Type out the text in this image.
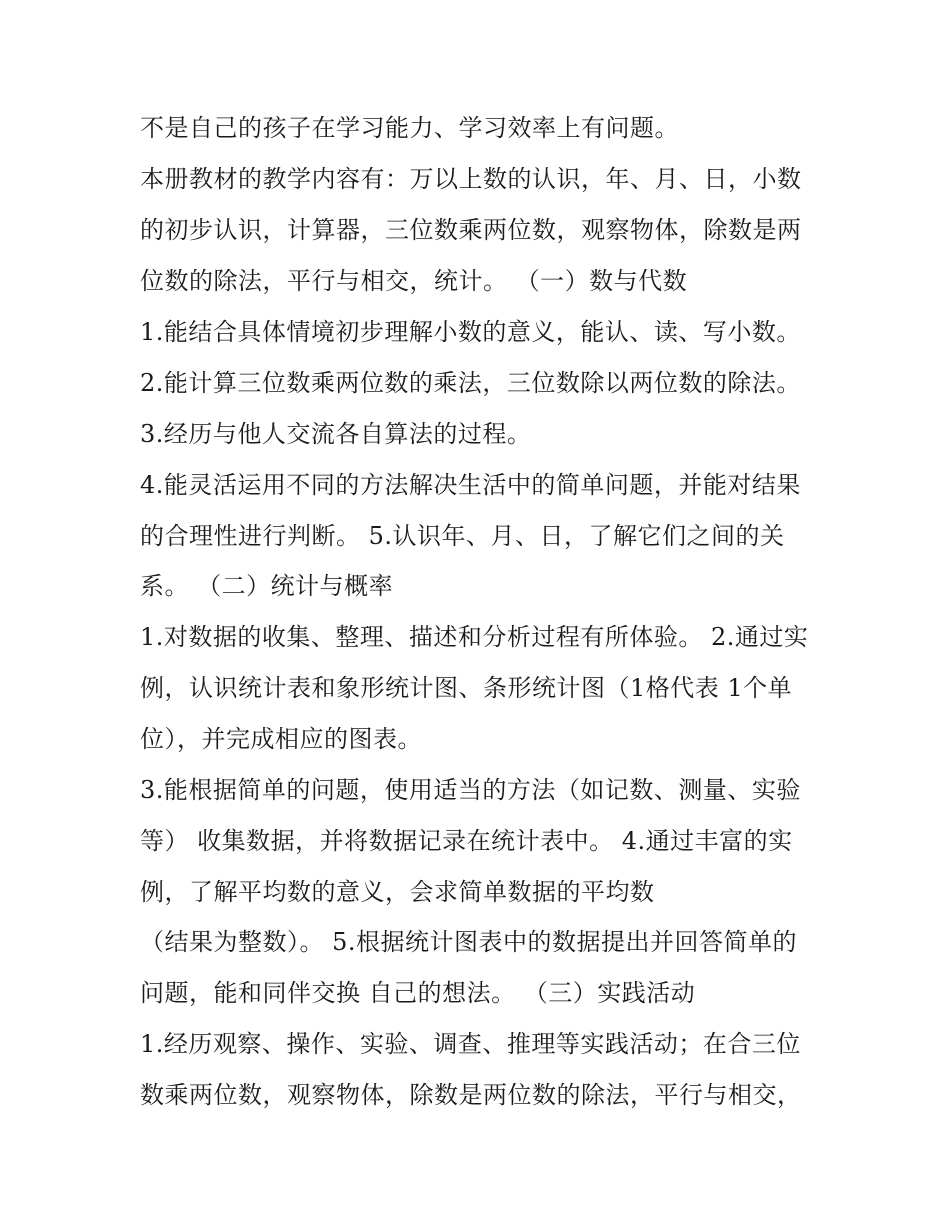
不是自己的孩子在学习能力、学习效率上有问题。
本册教材的教学内容有：万以上数的认识，年、月、日，小数
的初步认识，计算器，三位数乘两位数，观察物体，除数是两
位数的除法，平行与相交，统计。 （一）数与代数
1.能结合具体情境初步理解小数的意义，能认、读、写小数。
2.能计算三位数乘两位数的乘法，三位数除以两位数的除法。
3.经历与他人交流各自算法的过程。
4.能灵活运用不同的方法解决生活中的简单问题，并能对结果
的合理性进行判断。 5.认识年、月、日，了解它们之间的关
系。 （二）统计与概率
1.对数据的收集、整理、描述和分析过程有所体验。 2.通过实
例，认识统计表和象形统计图、条形统计图（1格代表 1个单
位），并完成相应的图表。
3.能根据简单的问题，使用适当的方法（如记数、测量、实验
等） 收集数据，并将数据记录在统计表中。 4.通过丰富的实
例，了解平均数的意义，会求简单数据的平均数
（结果为整数）。 5.根据统计图表中的数据提出并回答简单的
问题，能和同伴交换 自己的想法。 （三）实践活动
1.经历观察、操作、实验、调查、推理等实践活动；在合三位
数乘两位数，观察物体，除数是两位数的除法，平行与相交，
